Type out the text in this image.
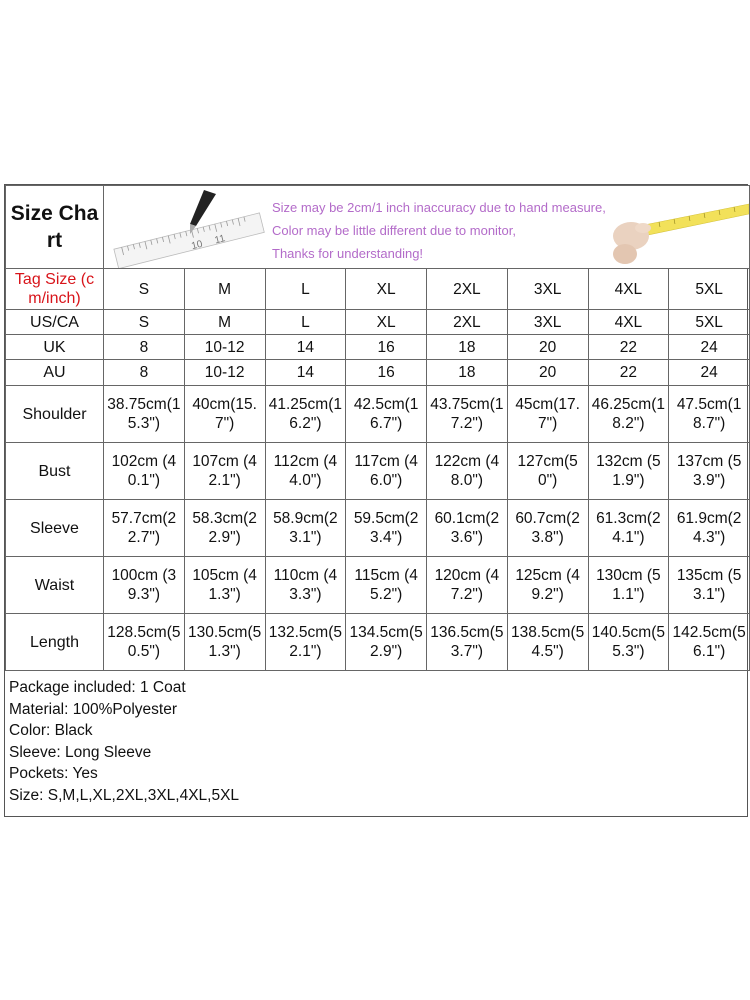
Size Chart	10 11
Size may be 2cm/1 inch inaccuracy due to hand measure,
Color may be little different due to monitor,
Thanks for understanding!							

Tag Size (cm/inch)	S	M	L	XL	2XL	3XL	4XL	5XL
US/CA	S	M	L	XL	2XL	3XL	4XL	5XL
UK	8	10-12	14	16	18	20	22	24
AU	8	10-12	14	16	18	20	22	24
Shoulder	38.75cm(15.3")	40cm(15.7")	41.25cm(16.2")	42.5cm(16.7")	43.75cm(17.2")	45cm(17.7")	46.25cm(18.2")	47.5cm(18.7")
Bust	102cm (40.1")	107cm (42.1")	112cm (44.0")	117cm (46.0")	122cm (48.0")	127cm(50")	132cm (51.9")	137cm (53.9")
Sleeve	57.7cm(22.7")	58.3cm(22.9")	58.9cm(23.1")	59.5cm(23.4")	60.1cm(23.6")	60.7cm(23.8")	61.3cm(24.1")	61.9cm(24.3")
Waist	100cm (39.3")	105cm (41.3")	110cm (43.3")	115cm (45.2")	120cm (47.2")	125cm (49.2")	130cm (51.1")	135cm (53.1")
Length	128.5cm(50.5")	130.5cm(51.3")	132.5cm(52.1")	134.5cm(52.9")	136.5cm(53.7")	138.5cm(54.5")	140.5cm(55.3")	142.5cm(56.1")
Package included: 1 Coat
Material: 100%Polyester
Color: Black
Sleeve: Long Sleeve
Pockets: Yes
Size: S,M,L,XL,2XL,3XL,4XL,5XL
